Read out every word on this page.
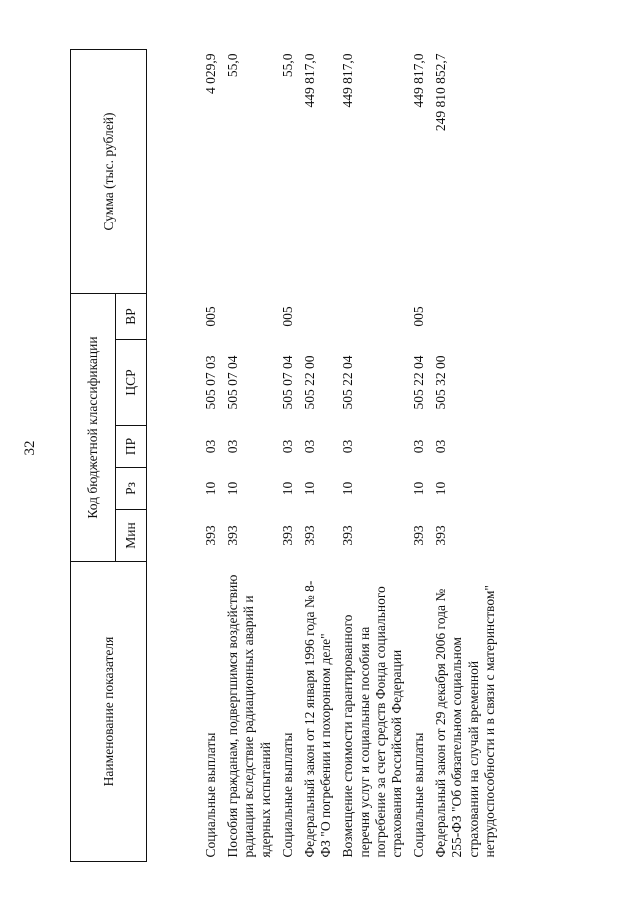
32
Наименование показателя	Код бюджетной классификации					Сумма (тыс. рублей)
	Мин	Рз	ПР	ЦСР	ВР	
Социальные выплаты	393	10	03	505 07 03	005	4 029,9
Пособия гражданам, подвергшимся воздействию радиации вследствие радиационных аварий и ядерных испытаний	393	10	03	505 07 04		55,0
Социальные выплаты	393	10	03	505 07 04	005	55,0
Федеральный закон от 12 января 1996 года № 8-ФЗ "О погребении и похоронном деле"	393	10	03	505 22 00		449 817,0
Возмещение стоимости гарантированного перечня услуг и социальные пособия на погребение за счет средств Фонда социального страхования Российской Федерации	393	10	03	505 22 04		449 817,0
Социальные выплаты	393	10	03	505 22 04	005	449 817,0
Федеральный закон от 29 декабря 2006 года № 255-ФЗ "Об обязательном социальном страховании на случай временной нетрудоспособности и в связи с материнством"	393	10	03	505 32 00		249 810 852,7
